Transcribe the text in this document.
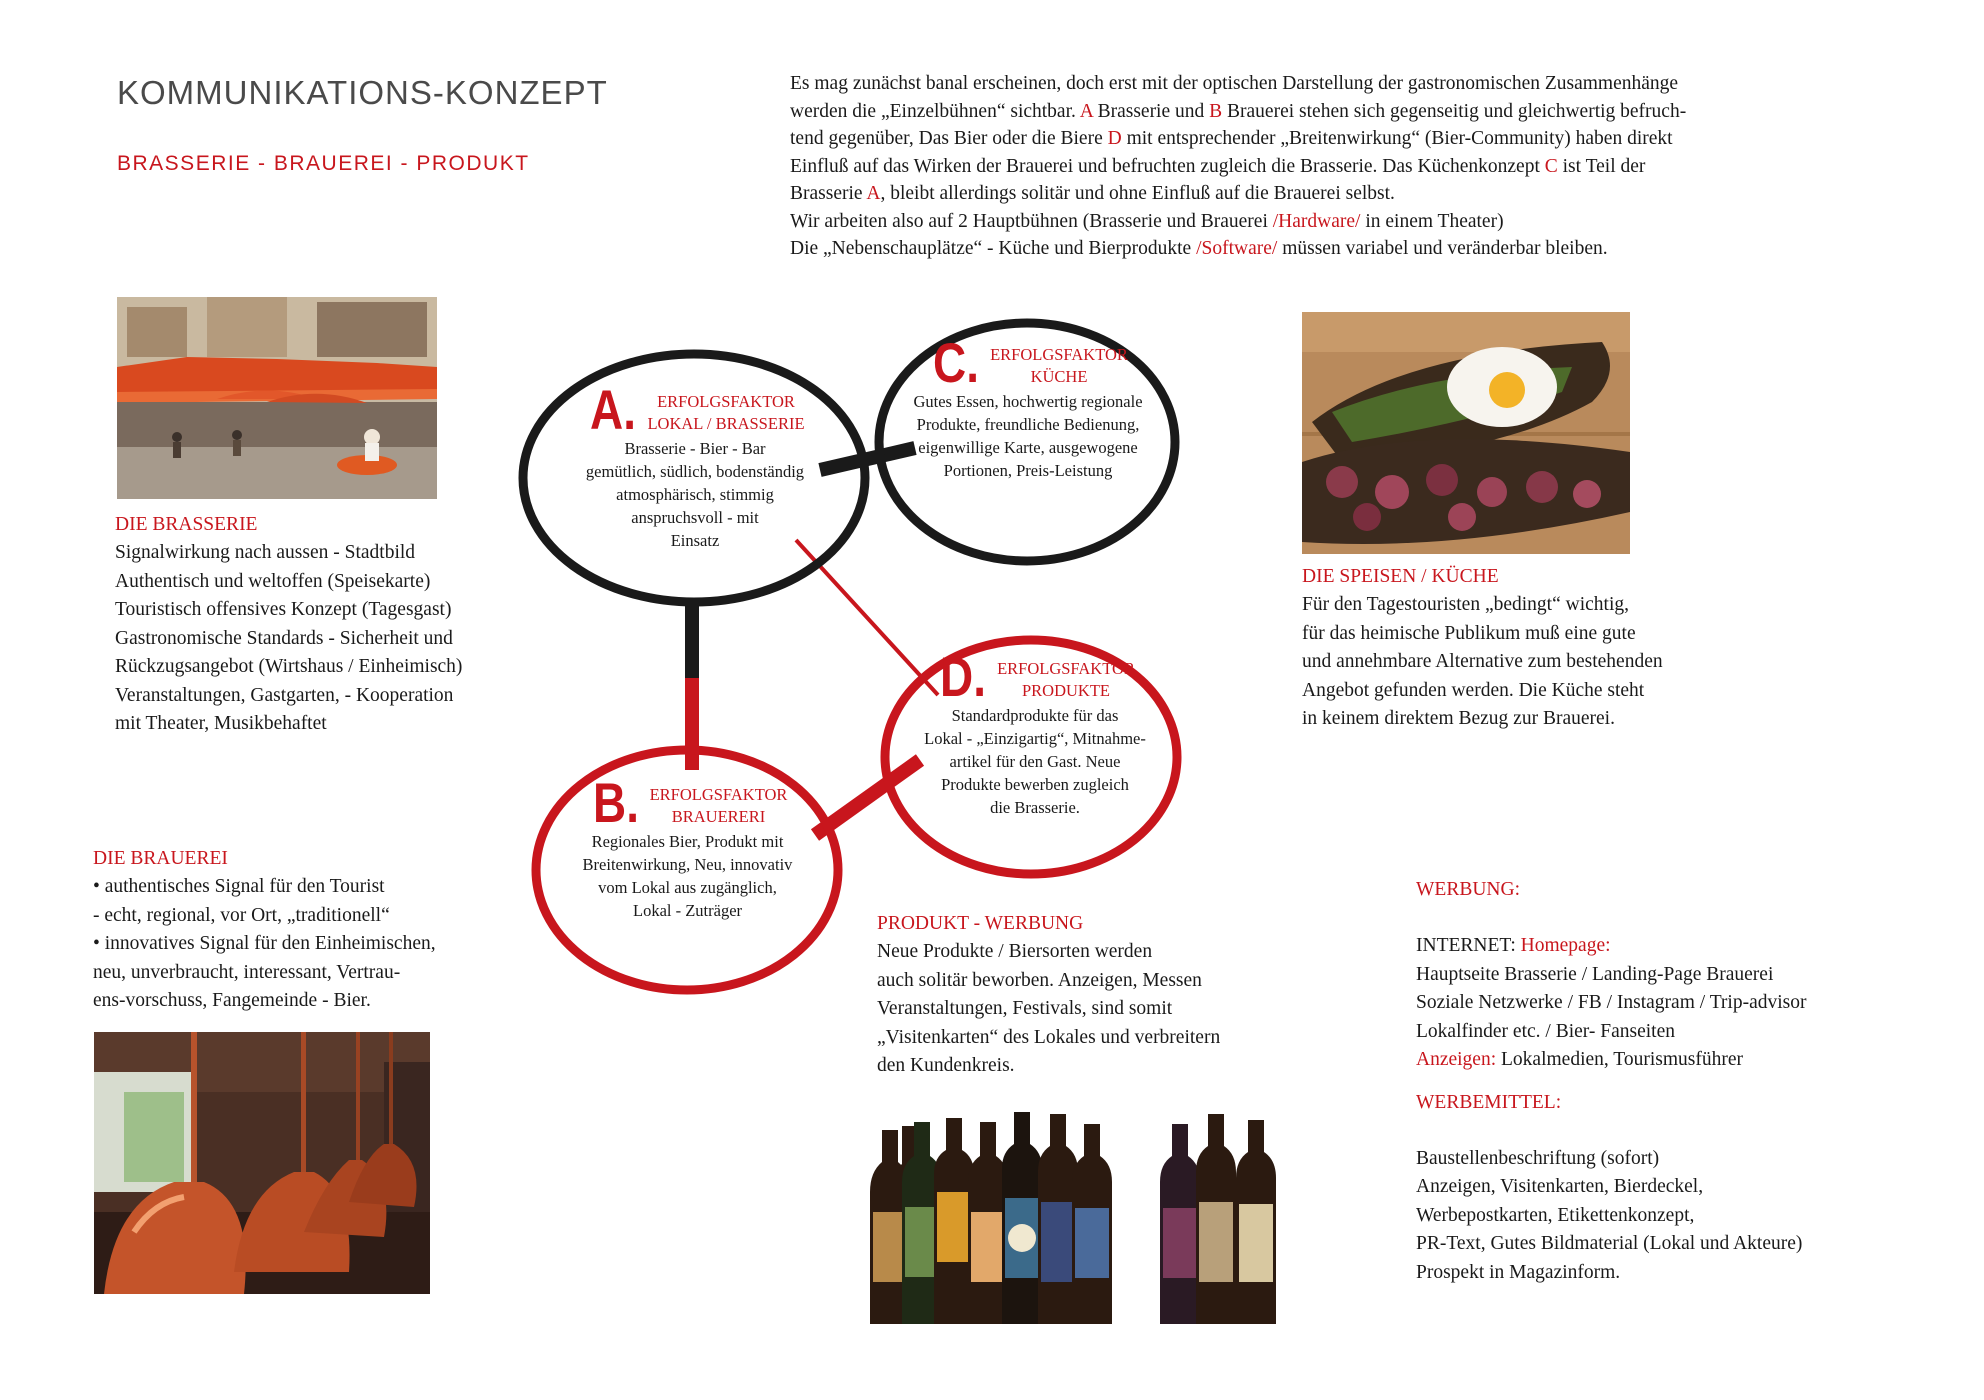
KOMMUNIKATIONS-KONZEPT
BRASSERIE - BRAUEREI - PRODUKT

Es mag zunächst banal erscheinen, doch erst mit der optischen Darstellung der gastronomischen Zusammenhänge

werden die „Einzelbühnen“ sichtbar. A Brasserie und B Brauerei stehen sich gegenseitig und gleichwertig befruch-

tend gegenüber, Das Bier oder die Biere D mit entsprechender „Breitenwirkung“ (Bier-Community) haben direkt

Einfluß auf das Wirken der Brauerei und befruchten zugleich die Brasserie. Das Küchenkonzept C ist Teil der

Brasserie A, bleibt allerdings solitär und ohne Einfluß auf die Brauerei selbst.

Wir arbeiten also auf 2 Hauptbühnen (Brasserie und Brauerei /Hardware/ in einem Theater)

Die „Nebenschauplätze“ - Küche und Bierprodukte /Software/ müssen variabel und veränderbar bleiben.

A.	ERFOLGSFAKTOR
LOKAL / BRASSERIE
Brasserie - Bier - Bar
gemütlich, südlich, bodenständig
atmosphärisch, stimmig
anspruchsvoll - mit
Einsatz
C. ERFOLGSFAKTOR
KÜCHE
Gutes Essen, hochwertig regionale
Produkte, freundliche Bedienung,
eigenwillige Karte, ausgewogene
Portionen, Preis-Leistung
B. ERFOLGSFAKTOR
BRAUERERI
Regionales Bier, Produkt mit
Breitenwirkung, Neu, innovativ
vom Lokal aus zugänglich,
Lokal - Zuträger
D. ERFOLGSFAKTOR
PRODUKTE
Standardprodukte für das
Lokal - „Einzigartig“, Mitnahme-
artikel für den Gast. Neue
Produkte bewerben zugleich
die Brasserie.
DIE BRASSERIE
Signalwirkung nach aussen - Stadtbild
Authentisch und weltoffen (Speisekarte)
Touristisch offensives Konzept (Tagesgast)
Gastronomische Standards - Sicherheit und
Rückzugsangebot (Wirtshaus / Einheimisch)
Veranstaltungen, Gastgarten, - Kooperation
mit Theater, Musikbehaftet
DIE BRAUEREI
• authentisches Signal für den Tourist
- echt, regional, vor Ort, „traditionell“
• innovatives Signal für den Einheimischen,
neu, unverbraucht, interessant, Vertrau-
ens-vorschuss, Fangemeinde - Bier.
DIE SPEISEN / KÜCHE
Für den Tagestouristen „bedingt“ wichtig,
für das heimische Publikum muß eine gute
und annehmbare Alternative zum bestehenden
Angebot gefunden werden. Die Küche steht
in keinem direktem Bezug zur Brauerei.
PRODUKT - WERBUNG
Neue Produkte / Biersorten werden
auch solitär beworben. Anzeigen, Messen
Veranstaltungen, Festivals, sind somit
„Visitenkarten“ des Lokales und verbreitern
den Kundenkreis.
WERBUNG:
INTERNET: Homepage:
Hauptseite Brasserie / Landing-Page Brauerei
Soziale Netzwerke / FB / Instagram / Trip-advisor
Lokalfinder etc. / Bier- Fanseiten
Anzeigen: Lokalmedien, Tourismusführer
WERBEMITTEL:
Baustellenbeschriftung (sofort)
Anzeigen, Visitenkarten, Bierdeckel,
Werbepostkarten, Etikettenkonzept,
PR-Text, Gutes Bildmaterial (Lokal und Akteure)
Prospekt in Magazinform.
